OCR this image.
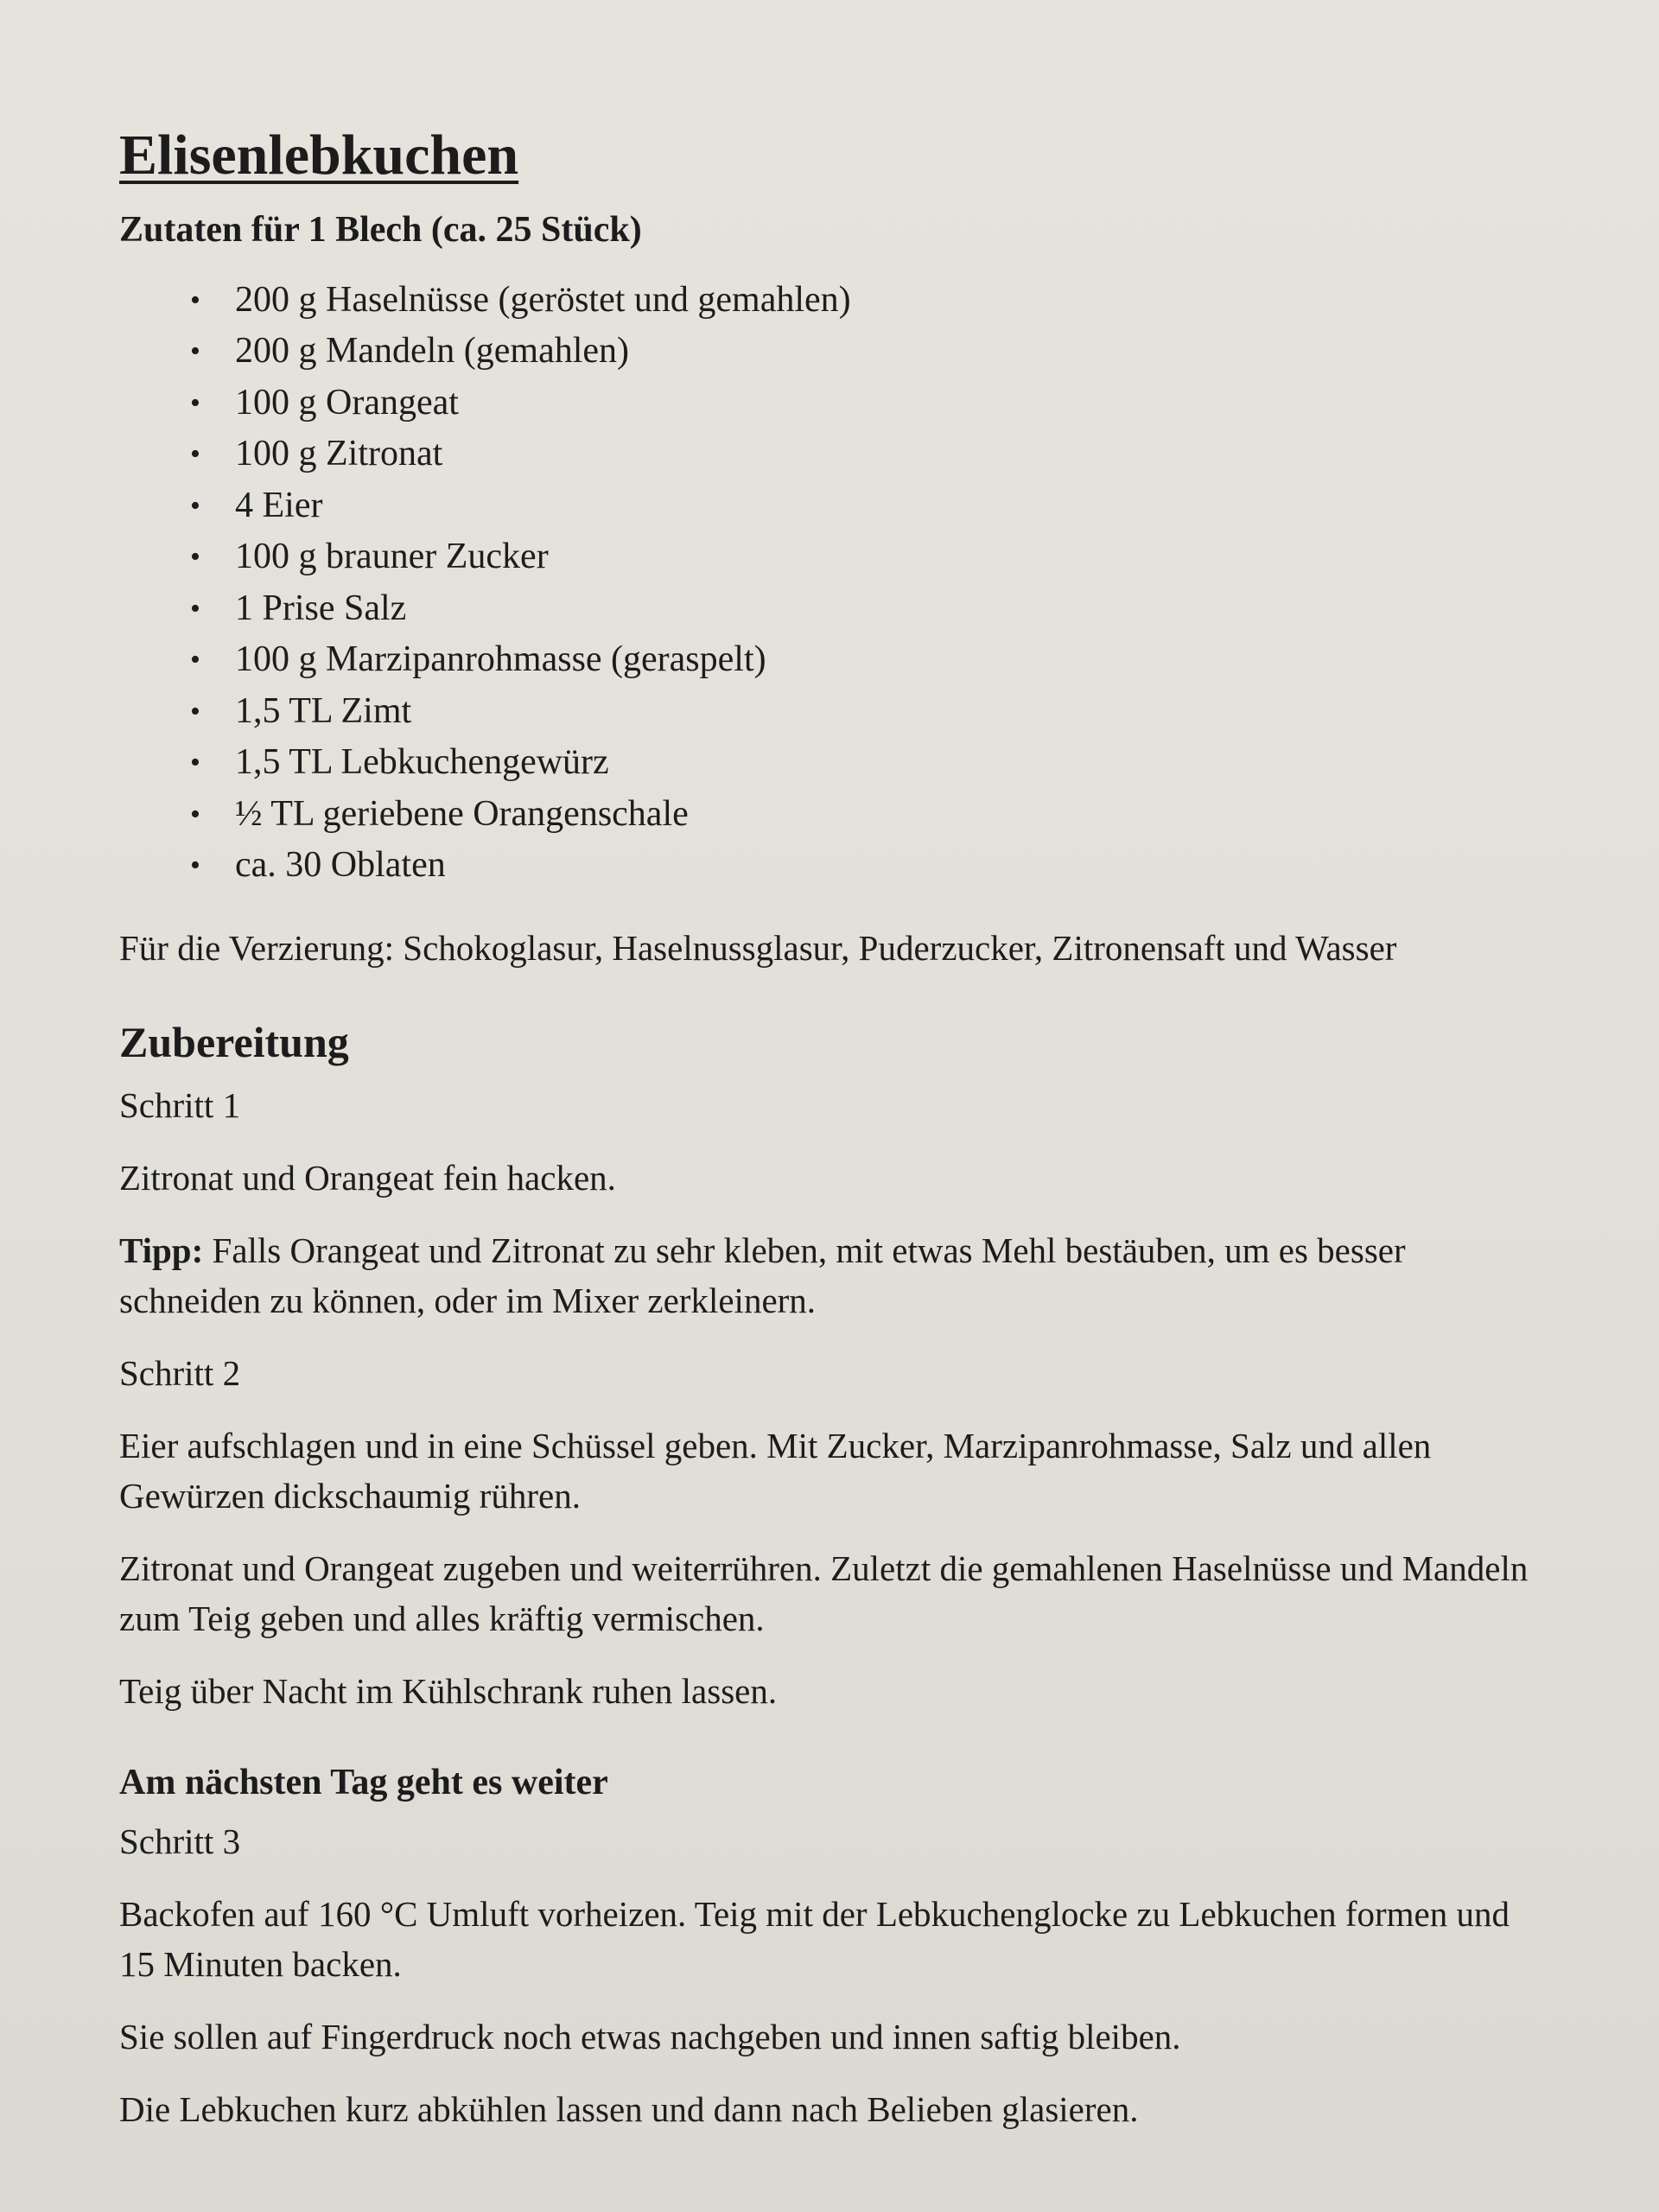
Elisenlebkuchen
Zutaten für 1 Blech (ca. 25 Stück)
• 200 g Haselnüsse (geröstet und gemahlen)
• 200 g Mandeln (gemahlen)
• 100 g Orangeat
• 100 g Zitronat
• 4 Eier
• 100 g brauner Zucker
• 1 Prise Salz
• 100 g Marzipanrohmasse (geraspelt)
• 1,5 TL Zimt
• 1,5 TL Lebkuchengewürz
• ½ TL geriebene Orangenschale
• ca. 30 Oblaten

Für die Verzierung: Schokoglasur, Haselnussglasur, Puderzucker, Zitronensaft und Wasser

Zubereitung

Schritt 1

Zitronat und Orangeat fein hacken.

Tipp: Falls Orangeat und Zitronat zu sehr kleben, mit etwas Mehl bestäuben, um es besser

schneiden zu können, oder im Mixer zerkleinern.

Schritt 2

Eier aufschlagen und in eine Schüssel geben. Mit Zucker, Marzipanrohmasse, Salz und allen

Gewürzen dickschaumig rühren.

Zitronat und Orangeat zugeben und weiterrühren. Zuletzt die gemahlenen Haselnüsse und Mandeln

zum Teig geben und alles kräftig vermischen.

Teig über Nacht im Kühlschrank ruhen lassen.

Am nächsten Tag geht es weiter

Schritt 3

Backofen auf 160 °C Umluft vorheizen. Teig mit der Lebkuchenglocke zu Lebkuchen formen und

15 Minuten backen.

Sie sollen auf Fingerdruck noch etwas nachgeben und innen saftig bleiben.

Die Lebkuchen kurz abkühlen lassen und dann nach Belieben glasieren.
